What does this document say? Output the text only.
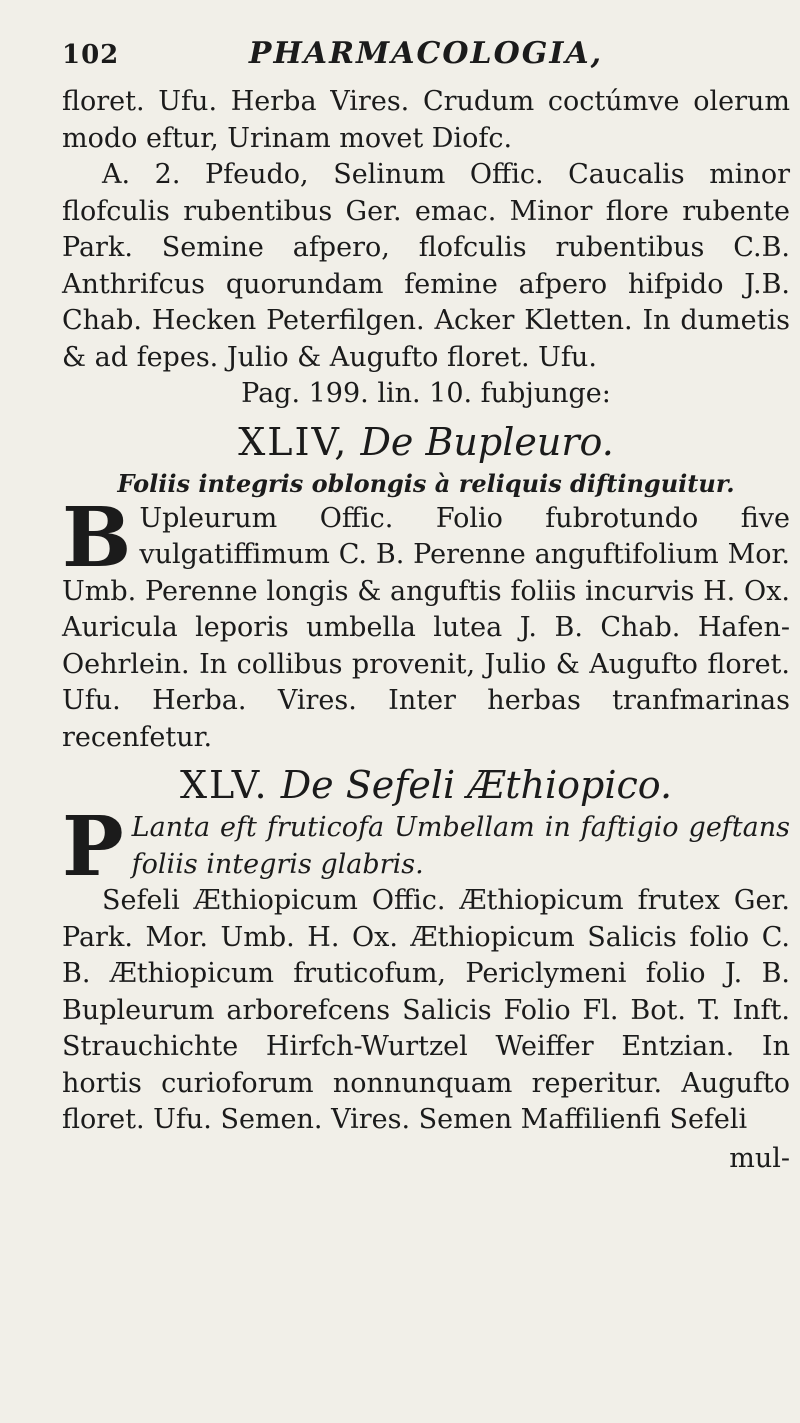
102	PHARMACOLOGIA,

floret. Ufu. Herba Vires. Crudum coctúmve olerum modo eftur, Urinam movet Diofc.

A. 2. Pfeudo, Selinum Offic. Caucalis minor flofculis rubentibus Ger. emac. Minor flore rubente Park. Semine afpero, flofculis rubentibus C.B. Anthrifcus quorundam femine afpero hifpido J.B. Chab. Hecken Peterfilgen. Acker Kletten. In dumetis & ad fepes. Julio & Augufto floret. Ufu.

Pag. 199. lin. 10. fubjunge:

XLIV, De Bupleuro.

Foliis integris oblongis à reliquis diftinguitur.

B Upleurum Offic. Folio fubrotundo five vulgatiffimum C. B. Perenne anguftifolium Mor. Umb. Perenne longis & anguftis foliis incurvis H. Ox. Auricula leporis umbella lutea J. B. Chab. Hafen-Oehrlein. In collibus provenit, Julio & Augufto floret. Ufu. Herba. Vires. Inter herbas tranfmarinas recenfetur.

XLV. De Sefeli Æthiopico.
P Lanta eft fruticofa Umbellam in faftigio geftans foliis integris glabris.

Sefeli Æthiopicum Offic. Æthiopicum frutex Ger. Park. Mor. Umb. H. Ox. Æthiopicum Salicis folio C. B. Æthiopicum fruticofum, Periclymeni folio J. B. Bupleurum arborefcens Salicis Folio Fl. Bot. T. Inft. Strauchichte Hirfch-Wurtzel Weiffer Entzian. In hortis curioforum nonnunquam reperitur. Augufto floret. Ufu. Semen. Vires. Semen Maffilienfi Sefeli

mul-
